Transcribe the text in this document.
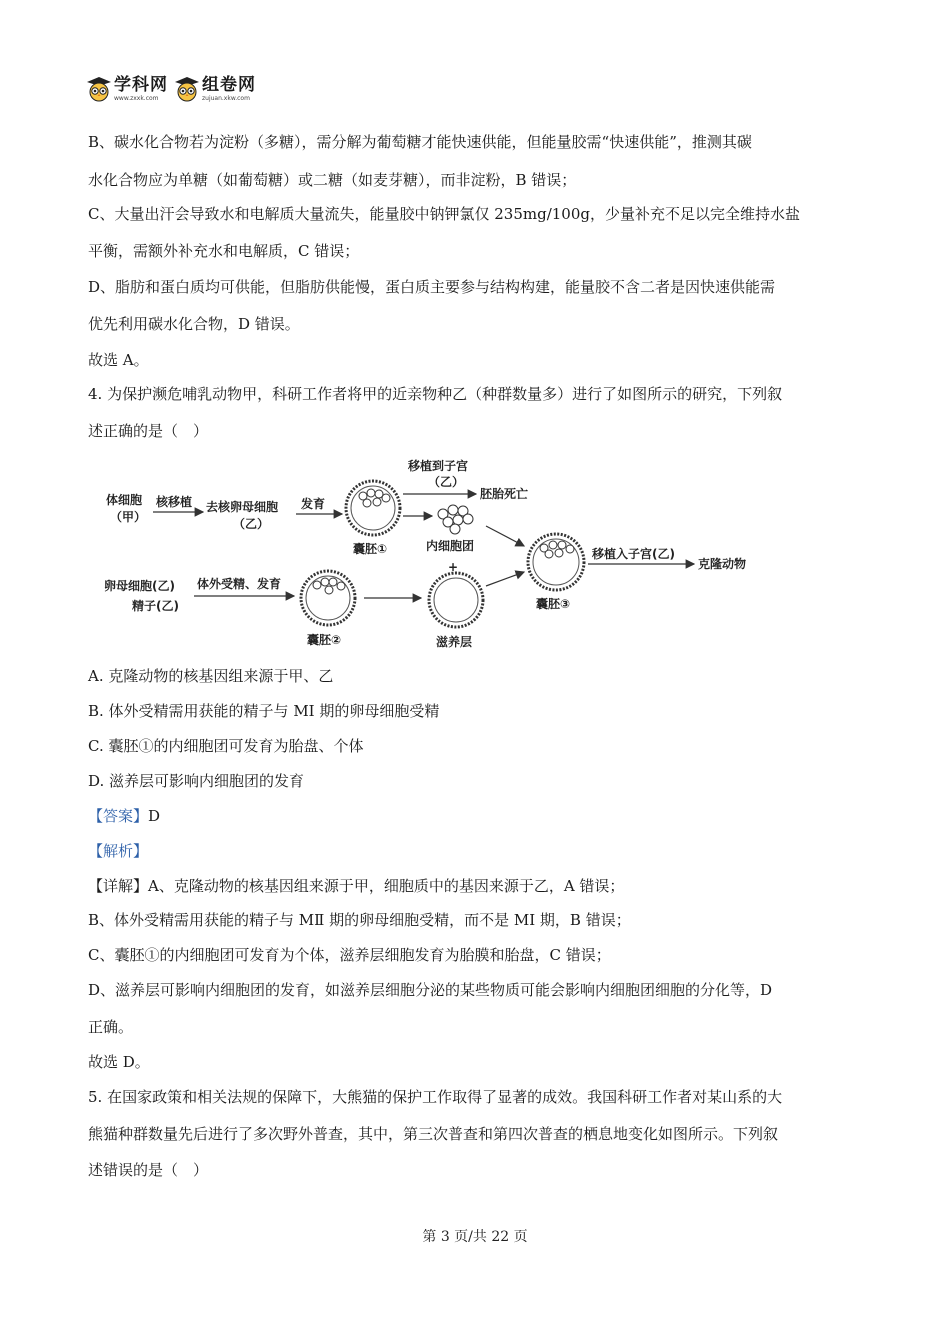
学科网
www.zxxk.com
组卷网
zujuan.xkw.com
B、碳水化合物若为淀粉（多糖），需分解为葡萄糖才能快速供能，但能量胶需“快速供能”，推测其碳
水化合物应为单糖（如葡萄糖）或二糖（如麦芽糖），而非淀粉，B 错误；
C、大量出汗会导致水和电解质大量流失，能量胶中钠钾氯仅 235mg/100g，少量补充不足以完全维持水盐
平衡，需额外补充水和电解质，C 错误；
D、脂肪和蛋白质均可供能，但脂肪供能慢，蛋白质主要参与结构构建，能量胶不含二者是因快速供能需
优先利用碳水化合物，D 错误。
故选 A。
4. 为保护濒危哺乳动物甲，科研工作者将甲的近亲物种乙（种群数量多）进行了如图所示的研究，下列叙
述正确的是（　）
A. 克隆动物的核基因组来源于甲、乙
B. 体外受精需用获能的精子与 MI 期的卵母细胞受精
C. 囊胚①的内细胞团可发育为胎盘、个体
D. 滋养层可影响内细胞团的发育
【答案】D
【解析】
【详解】A、克隆动物的核基因组来源于甲，细胞质中的基因来源于乙，A 错误；
B、体外受精需用获能的精子与 MⅡ 期的卵母细胞受精，而不是 MI 期，B 错误；
C、囊胚①的内细胞团可发育为个体，滋养层细胞发育为胎膜和胎盘，C 错误；
D、滋养层可影响内细胞团的发育，如滋养层细胞分泌的某些物质可能会影响内细胞团细胞的分化等，D
正确。
故选 D。
5. 在国家政策和相关法规的保障下，大熊猫的保护工作取得了显著的成效。我国科研工作者对某山系的大
熊猫种群数量先后进行了多次野外普查，其中，第三次普查和第四次普查的栖息地变化如图所示。下列叙
述错误的是（　）
体细胞
（甲）
核移植 去核卵母细胞
（乙）
发育
囊胚①
移植到子宫
（乙）
胚胎死亡
内细胞团
+
囊胚③
移植入子宫(乙)
克隆动物
卵母细胞(乙)
精子(乙)
体外受精、发育
囊胚②	滋养层
第 3 页/共 22 页
